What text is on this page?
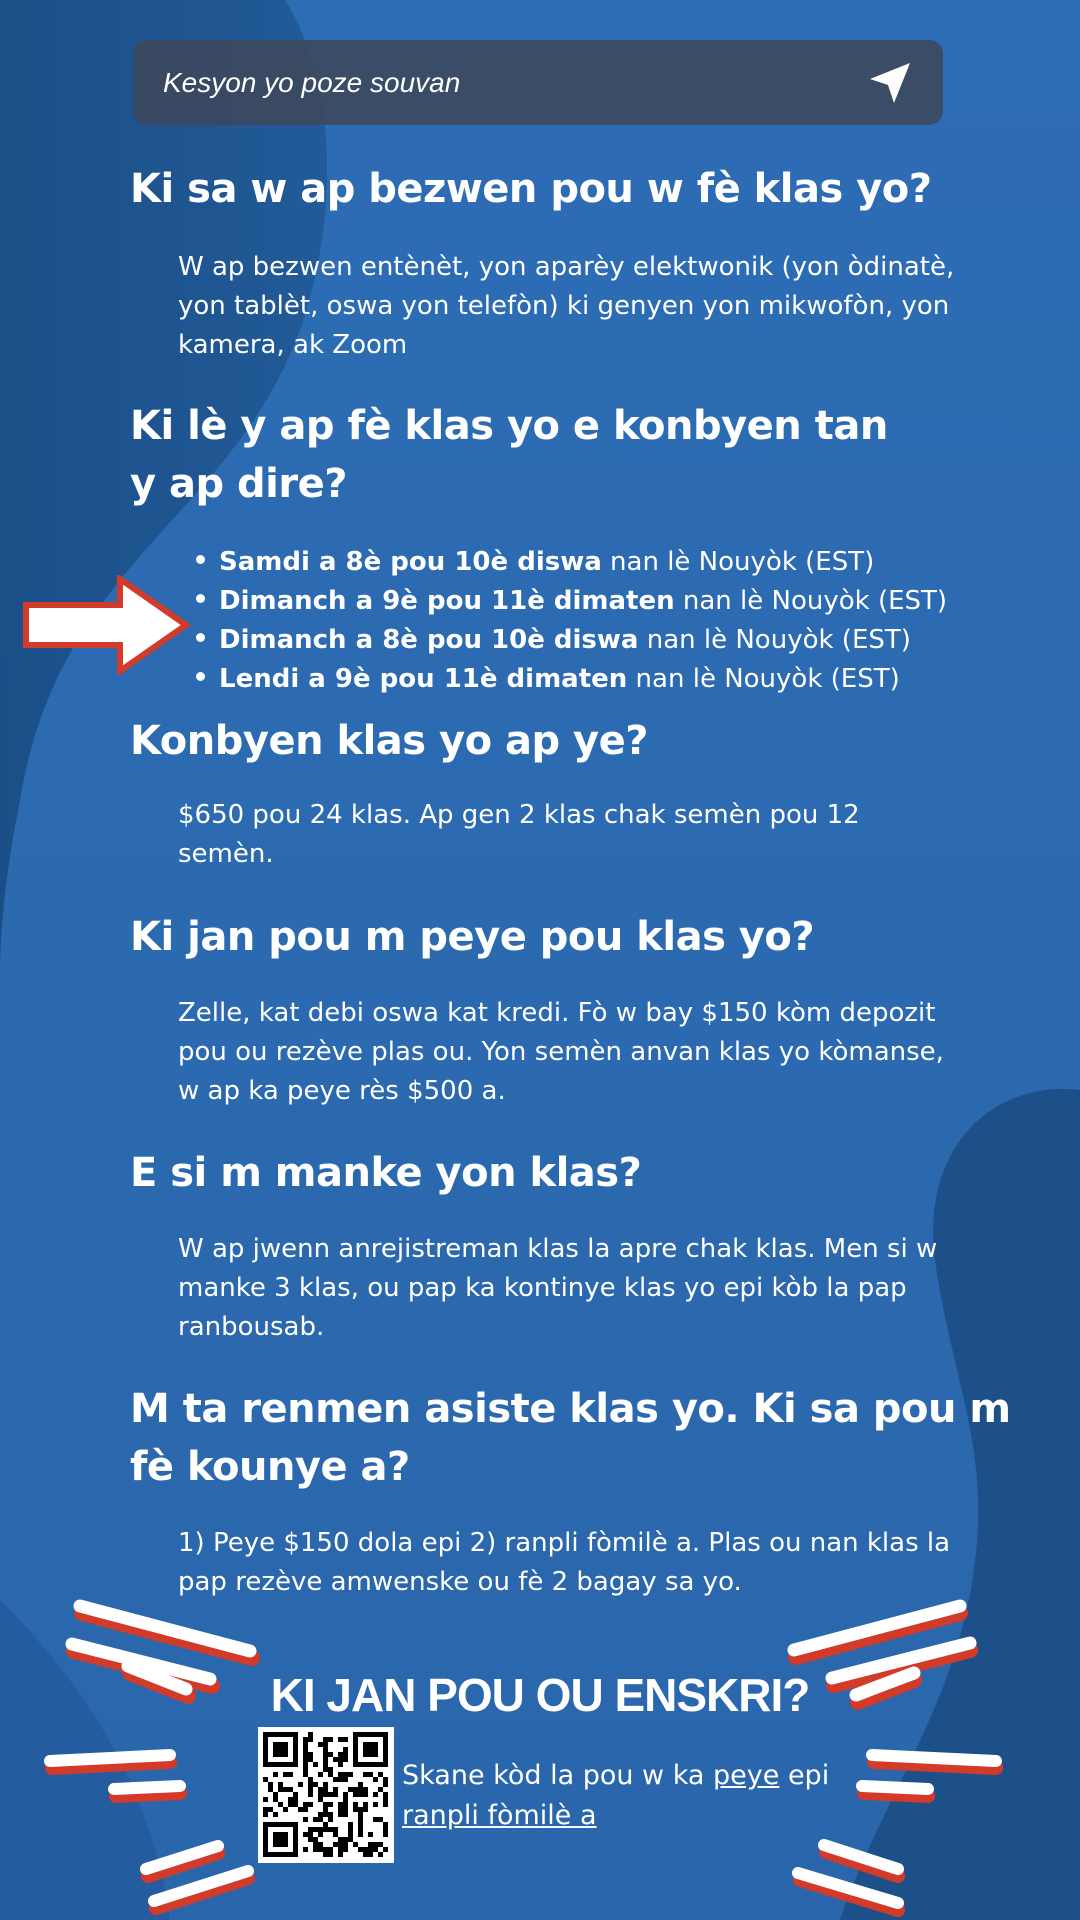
Kesyon yo poze souvan
Ki sa w ap bezwen pou w fè klas yo?

W ap bezwen entènèt, yon aparèy elektwonik (yon òdinatè, yon tablèt, oswa yon telefòn) ki genyen yon mikwofòn, yon kamera, ak Zoom

Ki lè y ap fè klas yo e konbyen tan
y ap dire?
Samdi a 8è pou 10è diswa nan lè Nouyòk (EST)
Dimanch a 9è pou 11è dimaten nan lè Nouyòk (EST)
Dimanch a 8è pou 10è diswa nan lè Nouyòk (EST)
Lendi a 9è pou 11è dimaten nan lè Nouyòk (EST)
Konbyen klas yo ap ye?

$650 pou 24 klas. Ap gen 2 klas chak semèn pou 12 semèn.

Ki jan pou m peye pou klas yo?

Zelle, kat debi oswa kat kredi. Fò w bay $150 kòm depozit pou ou rezève plas ou. Yon semèn anvan klas yo kòmanse, w ap ka peye rès $500 a.

E si m manke yon klas?

W ap jwenn anrejistreman klas la apre chak klas. Men si w manke 3 klas, ou pap ka kontinye klas yo epi kòb la pap ranbousab.

M ta renmen asiste klas yo. Ki sa pou m
fè kounye a?

1) Peye $150 dola epi 2) ranpli fòmilè a. Plas ou nan klas la pap rezève amwenske ou fè 2 bagay sa yo.

KI JAN POU OU ENSKRI?
Skane kòd la pou w ka peye epi
ranpli fòmilè a
